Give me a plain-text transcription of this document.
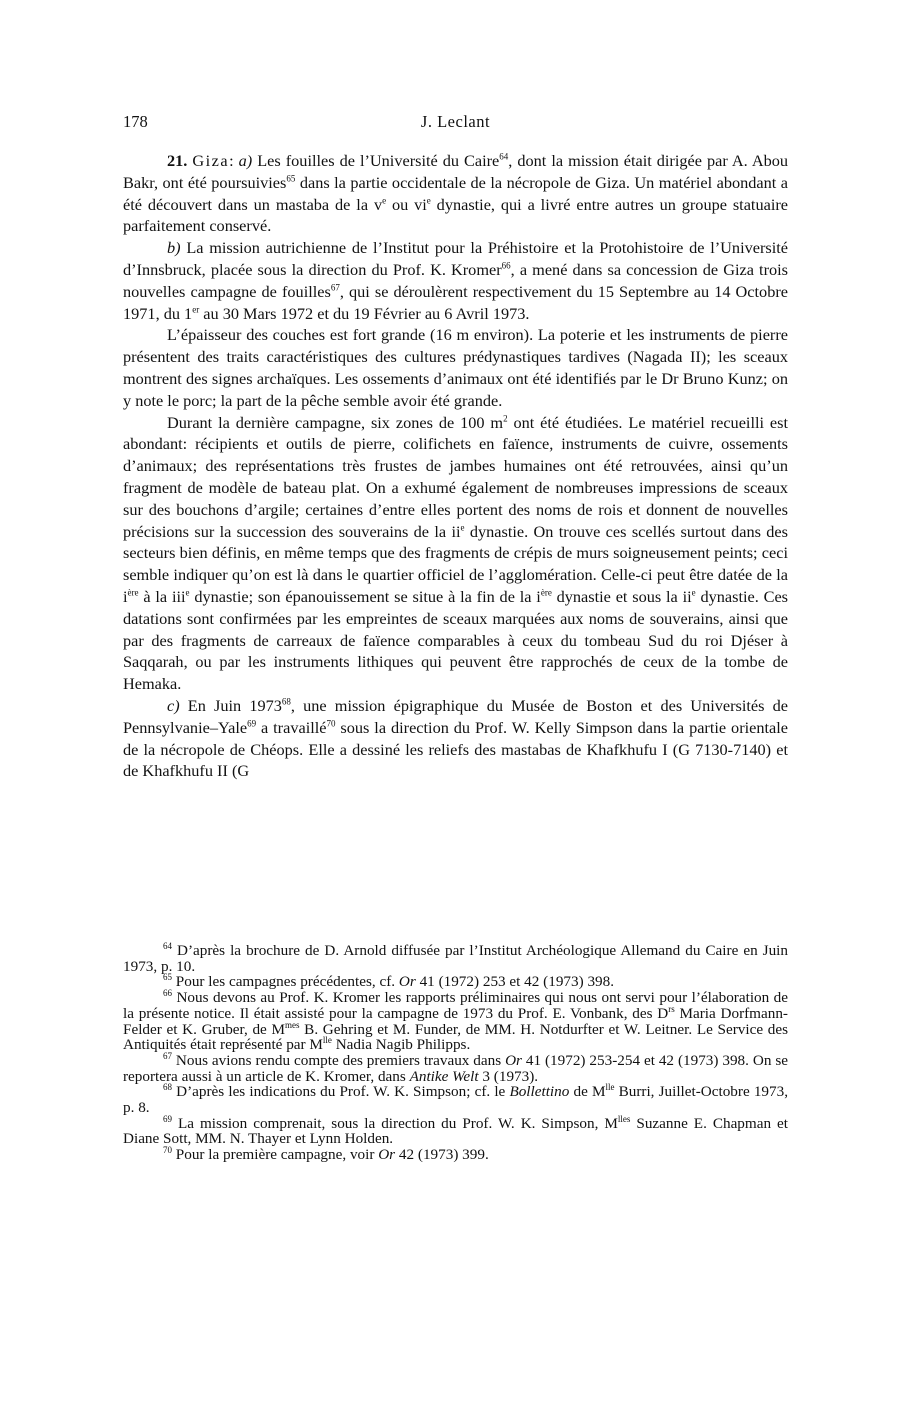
178	J. Leclant

21. Giza: a) Les fouilles de l’Université du Caire$^{64}$, dont la mission était dirigée par A. Abou Bakr, ont été poursuivies$^{65}$ dans la partie occidentale de la nécropole de Giza. Un matériel abondant a été découvert dans un mastaba de la $v^e$ ou $vi^e$ dynastie, qui a livré entre autres un groupe statuaire parfaitement conservé.

b) La mission autrichienne de l’Institut pour la Préhistoire et la Protohistoire de l’Université d’Innsbruck, placée sous la direction du Prof. K. Kromer$^{66}$, a mené dans sa concession de Giza trois nouvelles campagne de fouilles$^{67}$, qui se déroulèrent respectivement du 15 Septembre au 14 Octobre 1971, du 1er au 30 Mars 1972 et du 19 Février au 6 Avril 1973.

L’épaisseur des couches est fort grande (16 m environ). La poterie et les instruments de pierre présentent des traits caractéristiques des cultures prédynastiques tardives (Nagada II); les sceaux montrent des signes archaïques. Les ossements d’animaux ont été identifiés par le Dr Bruno Kunz; on y note le porc; la part de la pêche semble avoir été grande.

Durant la dernière campagne, six zones de 100 $m^2$ ont été étudiées. Le matériel recueilli est abondant: récipients et outils de pierre, colifichets en faïence, instruments de cuivre, ossements d’animaux; des représentations très frustes de jambes humaines ont été retrouvées, ainsi qu’un fragment de modèle de bateau plat. On a exhumé également de nombreuses impressions de sceaux sur des bouchons d’argile; certaines d’entre elles portent des noms de rois et donnent de nouvelles précisions sur la succession des souverains de la $ii^e$ dynastie. On trouve ces scellés surtout dans des secteurs bien définis, en même temps que des fragments de crépis de murs soigneusement peints; ceci semble indiquer qu’on est là dans le quartier officiel de l’agglomération. Celle-ci peut être datée de la $i^{ère}$ à la iii$^e$ dynastie; son épanouissement se situe à la fin de la $i^{ère}$ dynastie et sous la $ii^e$ dynastie. Ces datations sont confirmées par les empreintes de sceaux marquées aux noms de souverains, ainsi que par des fragments de carreaux de faïence comparables à ceux du tombeau Sud du roi Djéser à Saqqarah, ou par les instruments lithiques qui peuvent être rapprochés de ceux de la tombe de Hemaka.

c) En Juin 1973$^{68}$, une mission épigraphique du Musée de Boston et des Universités de Pennsylvanie–Yale$^{69}$ a travaillé$^{70}$ sous la direction du Prof. W. Kelly Simpson dans la partie orientale de la nécropole de Chéops. Elle a dessiné les reliefs des mastabas de Khafkhufu I (G 7130-7140) et de Khafkhufu II (G

$^{64}$ D’après la brochure de D. Arnold diffusée par l’Institut Archéologique Allemand du Caire en Juin 1973, p. 10.

$^{65}$ Pour les campagnes précédentes, cf. Or 41 (1972) 253 et 42 (1973) 398.

$^{66}$ Nous devons au Prof. K. Kromer les rapports préliminaires qui nous ont servi pour l’élaboration de la présente notice. Il était assisté pour la campagne de 1973 du Prof. E. Vonbank, des $D^{rs}$ Maria Dorfmann-Felder et K. Gruber, de $M^{mes}$ B. Gehring et M. Funder, de MM. H. Notdurfter et W. Leitner. Le Service des Antiquités était représenté par $M^{lle}$ Nadia Nagib Philipps.

$^{67}$ Nous avions rendu compte des premiers travaux dans Or 41 (1972) 253-254 et 42 (1973) 398. On se reportera aussi à un article de K. Kromer, dans Antike Welt 3 (1973).

$^{68}$ D’après les indications du Prof. W. K. Simpson; cf. le Bollettino de $M^{lle}$ Burri, Juillet-Octobre 1973, p. 8.

$^{69}$ La mission comprenait, sous la direction du Prof. W. K. Simpson, $M^{lles}$ Suzanne E. Chapman et Diane Sott, MM. N. Thayer et Lynn Holden.

$^{70}$ Pour la première campagne, voir Or 42 (1973) 399.
